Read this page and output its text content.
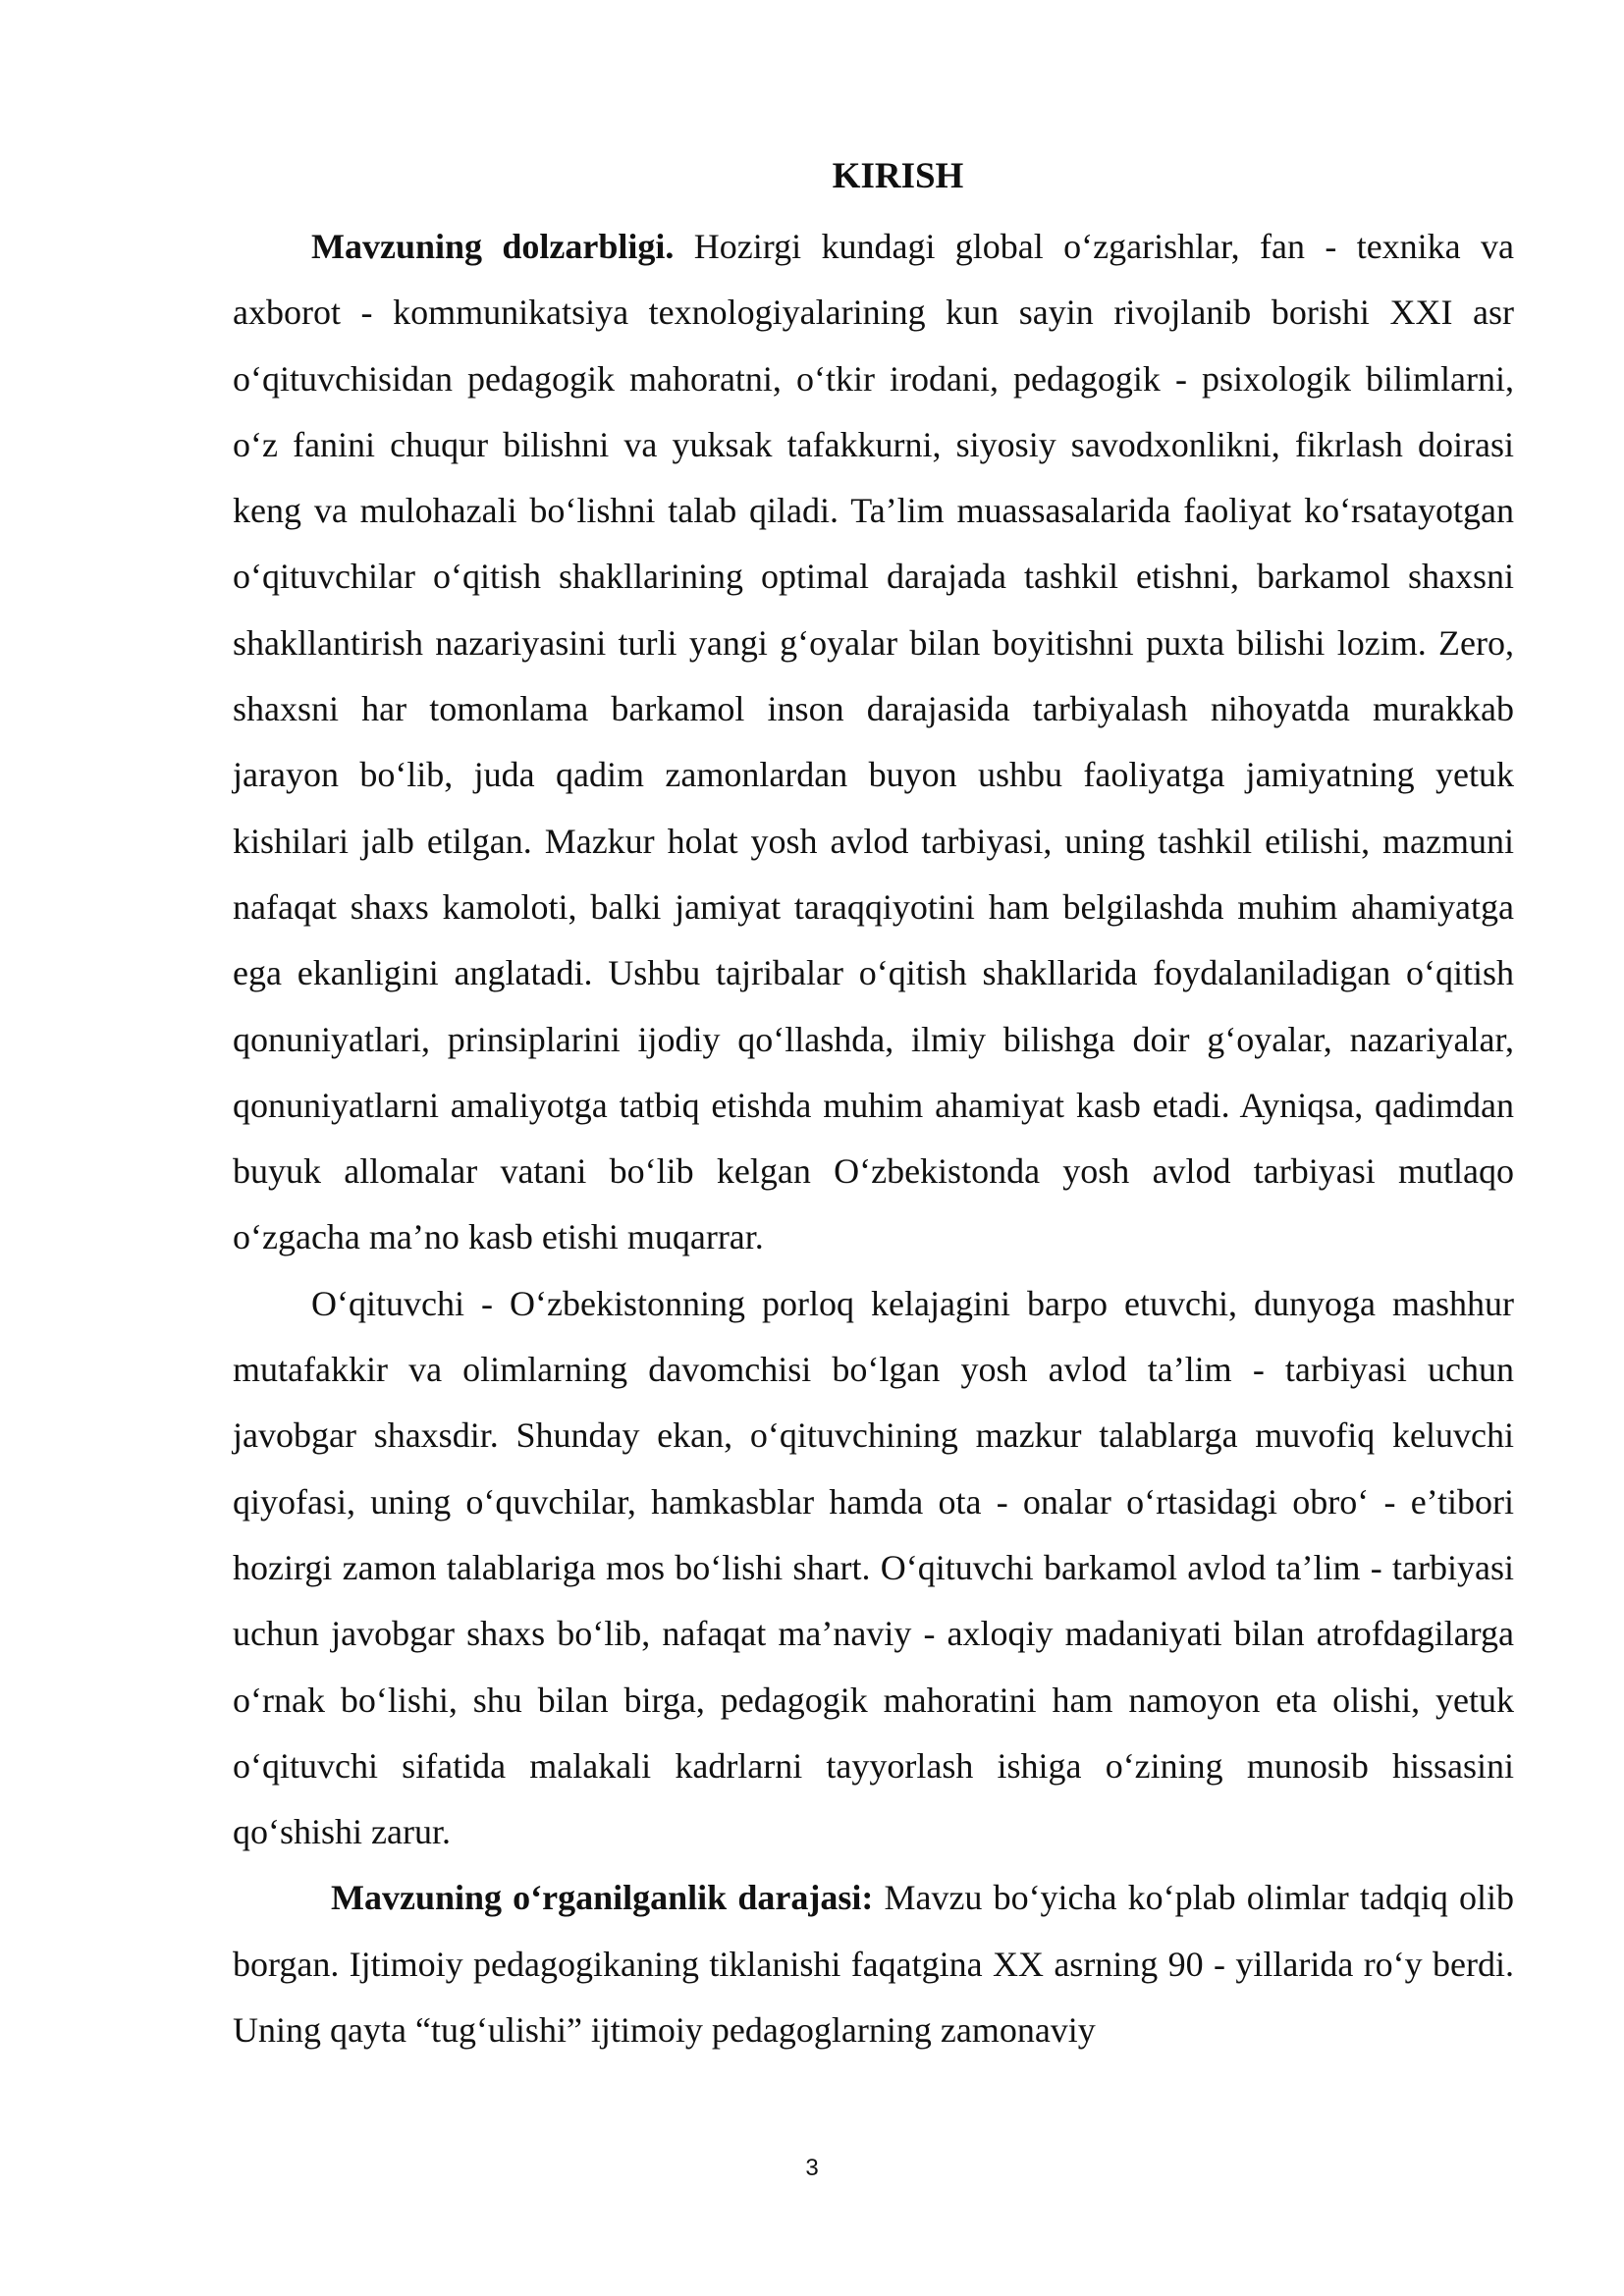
KIRISH

Mavzuning dolzarbligi. Hozirgi kundagi global o‘zgarishlar, fan - texnika va axborot - kommunikatsiya texnologiyalarining kun sayin rivojlanib borishi XXI asr o‘qituvchisidan pedagogik mahoratni, o‘tkir irodani, pedagogik - psixologik bilimlarni, o‘z fanini chuqur bilishni va yuksak tafakkurni, siyosiy savodxonlikni, fikrlash doirasi keng va mulohazali bo‘lishni talab qiladi. Ta’lim muassasalarida faoliyat ko‘rsatayotgan o‘qituvchilar o‘qitish shakllarining optimal darajada tashkil etishni, barkamol shaxsni shakllantirish nazariyasini turli yangi g‘oyalar bilan boyitishni puxta bilishi lozim. Zero, shaxsni har tomonlama barkamol inson darajasida tarbiyalash nihoyatda murakkab jarayon bo‘lib, juda qadim zamonlardan buyon ushbu faoliyatga jamiyatning yetuk kishilari jalb etilgan. Mazkur holat yosh avlod tarbiyasi, uning tashkil etilishi, mazmuni nafaqat shaxs kamoloti, balki jamiyat taraqqiyotini ham belgilashda muhim ahamiyatga ega ekanligini anglatadi. Ushbu tajribalar o‘qitish shakllarida foydalaniladigan o‘qitish qonuniyatlari, prinsiplarini ijodiy qo‘llashda, ilmiy bilishga doir g‘oyalar, nazariyalar, qonuniyatlarni amaliyotga tatbiq etishda muhim ahamiyat kasb etadi. Ayniqsa, qadimdan buyuk allomalar vatani bo‘lib kelgan O‘zbekistonda yosh avlod tarbiyasi mutlaqo o‘zgacha ma’no kasb etishi muqarrar.

O‘qituvchi - O‘zbekistonning porloq kelajagini barpo etuvchi, dunyoga mashhur mutafakkir va olimlarning davomchisi bo‘lgan yosh avlod ta’lim - tarbiyasi uchun javobgar shaxsdir. Shunday ekan, o‘qituvchining mazkur talablarga muvofiq keluvchi qiyofasi, uning o‘quvchilar, hamkasblar hamda ota - onalar o‘rtasidagi obro‘ - e’tibori hozirgi zamon talablariga mos bo‘lishi shart. O‘qituvchi barkamol avlod ta’lim - tarbiyasi uchun javobgar shaxs bo‘lib, nafaqat ma’naviy - axloqiy madaniyati bilan atrofdagilarga o‘rnak bo‘lishi, shu bilan birga, pedagogik mahoratini ham namoyon eta olishi, yetuk o‘qituvchi sifatida malakali kadrlarni tayyorlash ishiga o‘zining munosib hissasini qo‘shishi zarur.

Mavzuning o‘rganilganlik darajasi: Mavzu bo‘yicha ko‘plab olimlar tadqiq olib borgan. Ijtimoiy pedagogikaning tiklanishi faqatgina XX asrning 90 - yillarida ro‘y berdi. Uning qayta “tug‘ulishi” ijtimoiy pedagoglarning zamonaviy

3
